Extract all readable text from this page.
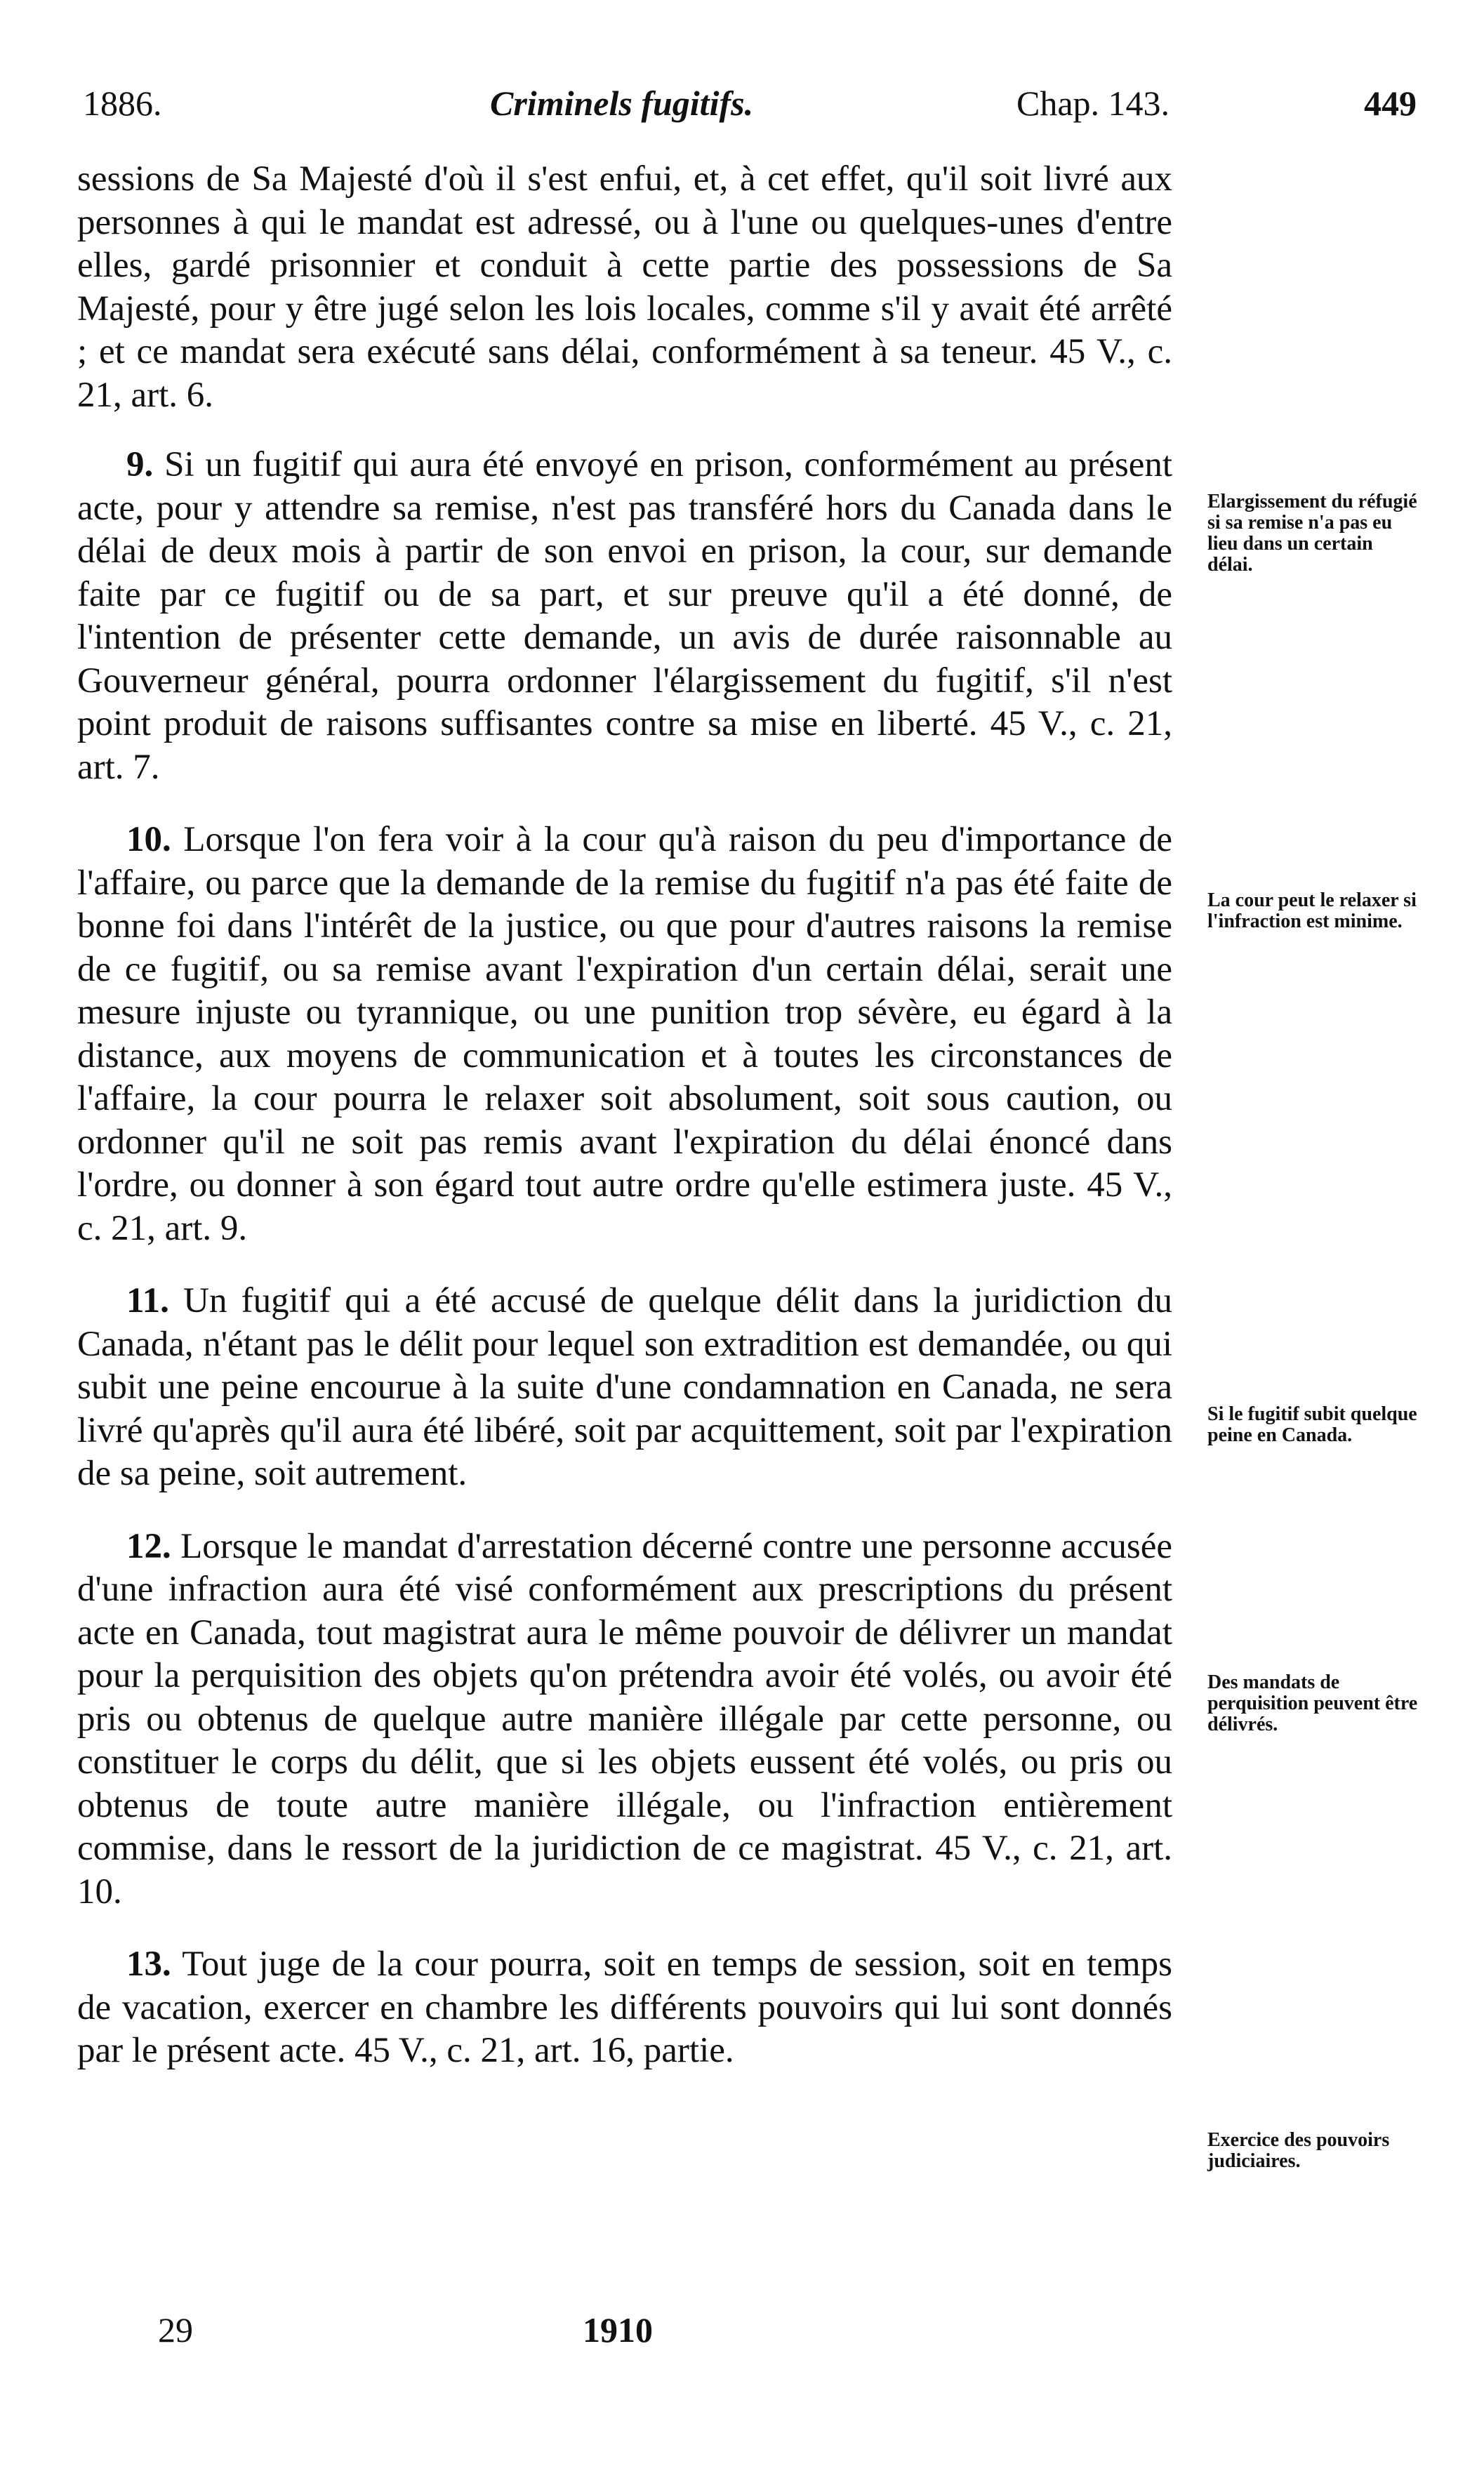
1886.	Criminels fugitifs.	Chap. 143.	449

sessions de Sa Majesté d'où il s'est enfui, et, à cet effet, qu'il soit livré aux personnes à qui le mandat est adressé, ou à l'une ou quelques-unes d'entre elles, gardé prisonnier et conduit à cette partie des possessions de Sa Majesté, pour y être jugé selon les lois locales, comme s'il y avait été arrêté ; et ce mandat sera exécuté sans délai, conformément à sa teneur. 45 V., c. 21, art. 6.

9. Si un fugitif qui aura été envoyé en prison, conformément au présent acte, pour y attendre sa remise, n'est pas transféré hors du Canada dans le délai de deux mois à partir de son envoi en prison, la cour, sur demande faite par ce fugitif ou de sa part, et sur preuve qu'il a été donné, de l'intention de présenter cette demande, un avis de durée raisonnable au Gouverneur général, pourra ordonner l'élargissement du fugitif, s'il n'est point produit de raisons suffisantes contre sa mise en liberté. 45 V., c. 21, art. 7.

10. Lorsque l'on fera voir à la cour qu'à raison du peu d'importance de l'affaire, ou parce que la demande de la remise du fugitif n'a pas été faite de bonne foi dans l'intérêt de la justice, ou que pour d'autres raisons la remise de ce fugitif, ou sa remise avant l'expiration d'un certain délai, serait une mesure injuste ou tyrannique, ou une punition trop sévère, eu égard à la distance, aux moyens de communication et à toutes les circonstances de l'affaire, la cour pourra le relaxer soit absolument, soit sous caution, ou ordonner qu'il ne soit pas remis avant l'expiration du délai énoncé dans l'ordre, ou donner à son égard tout autre ordre qu'elle estimera juste. 45 V., c. 21, art. 9.

11. Un fugitif qui a été accusé de quelque délit dans la juridiction du Canada, n'étant pas le délit pour lequel son extradition est demandée, ou qui subit une peine encourue à la suite d'une condamnation en Canada, ne sera livré qu'après qu'il aura été libéré, soit par acquittement, soit par l'expiration de sa peine, soit autrement.

12. Lorsque le mandat d'arrestation décerné contre une personne accusée d'une infraction aura été visé conformément aux prescriptions du présent acte en Canada, tout magistrat aura le même pouvoir de délivrer un mandat pour la perquisition des objets qu'on prétendra avoir été volés, ou avoir été pris ou obtenus de quelque autre manière illégale par cette personne, ou constituer le corps du délit, que si les objets eussent été volés, ou pris ou obtenus de toute autre manière illégale, ou l'infraction entièrement commise, dans le ressort de la juridiction de ce magistrat. 45 V., c. 21, art. 10.

13. Tout juge de la cour pourra, soit en temps de session, soit en temps de vacation, exercer en chambre les différents pouvoirs qui lui sont donnés par le présent acte. 45 V., c. 21, art. 16, partie.

Elargissement du réfugié si sa remise n'a pas eu lieu dans un certain délai.
La cour peut le relaxer si l'infraction est minime.
Si le fugitif subit quelque peine en Canada.
Des mandats de perquisition peuvent être délivrés.
Exercice des pouvoirs judiciaires.
29	1910
